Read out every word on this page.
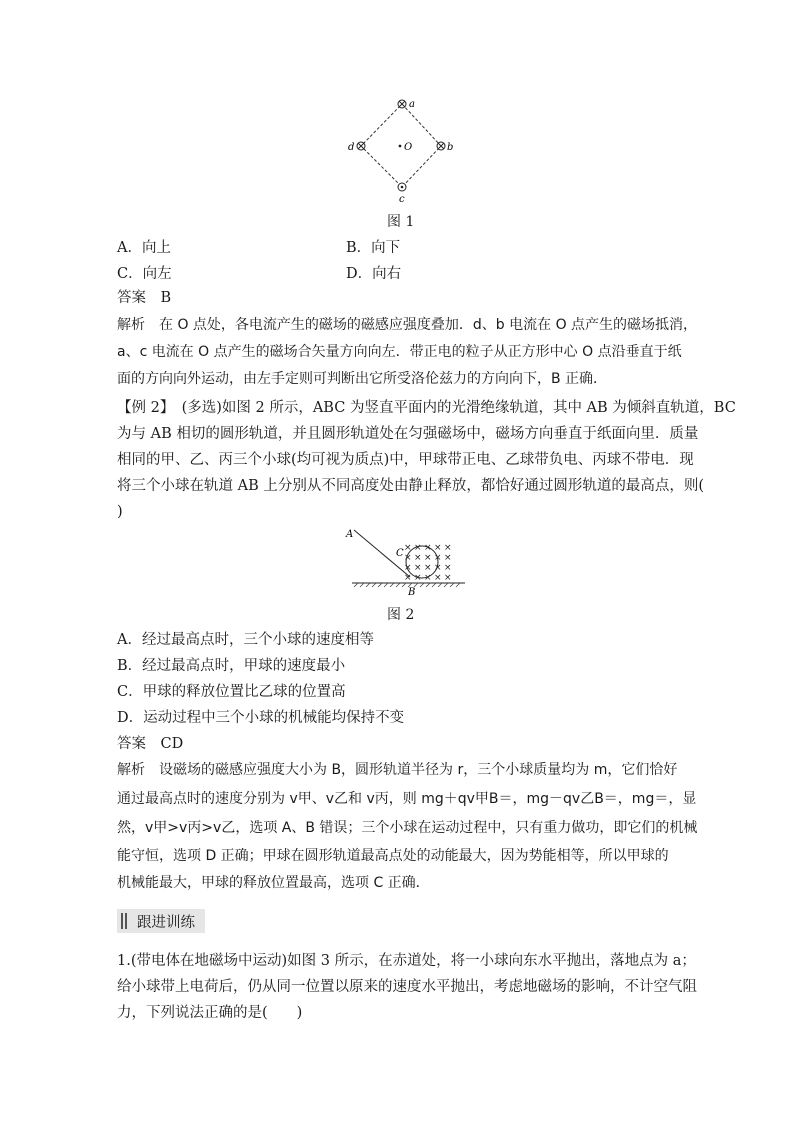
a
b
c
d	O
图 1
A．向上	B．向下
C．向左	D．向右
答案　B
解析　在 O 点处，各电流产生的磁场的磁感应强度叠加．d、b 电流在 O 点产生的磁场抵消，
a、c 电流在 O 点产生的磁场合矢量方向向左．带正电的粒子从正方形中心 O 点沿垂直于纸
面的方向向外运动，由左手定则可判断出它所受洛伦兹力的方向向下，B 正确．
【例 2】　(多选)如图 2 所示，ABC 为竖直平面内的光滑绝缘轨道，其中 AB 为倾斜直轨道，BC
为与 AB 相切的圆形轨道，并且圆形轨道处在匀强磁场中，磁场方向垂直于纸面向里．质量
相同的甲、乙、丙三个小球(均可视为质点)中，甲球带正电、乙球带负电、丙球不带电．现
将三个小球在轨道 AB 上分别从不同高度处由静止释放，都恰好通过圆形轨道的最高点，则(
)
× × × × ×
× × × × ×
× × × × ×
× × × × ×
A
C
B
图 2
A．经过最高点时，三个小球的速度相等
B．经过最高点时，甲球的速度最小
C．甲球的释放位置比乙球的位置高
D．运动过程中三个小球的机械能均保持不变
答案　CD
解析　设磁场的磁感应强度大小为 B，圆形轨道半径为 r，三个小球质量均为 m，它们恰好
通过最高点时的速度分别为 v甲、v乙和 v丙，则 mg＋qv甲B＝，mg－qv乙B＝，mg＝，显
然，v甲>v丙>v乙，选项 A、B 错误；三个小球在运动过程中，只有重力做功，即它们的机械
能守恒，选项 D 正确；甲球在圆形轨道最高点处的动能最大，因为势能相等，所以甲球的
机械能最大，甲球的释放位置最高，选项 C 正确．
跟进训练
1.(带电体在地磁场中运动)如图 3 所示，在赤道处，将一小球向东水平抛出，落地点为 a；
给小球带上电荷后，仍从同一位置以原来的速度水平抛出，考虑地磁场的影响，不计空气阻
力，下列说法正确的是(　　)
